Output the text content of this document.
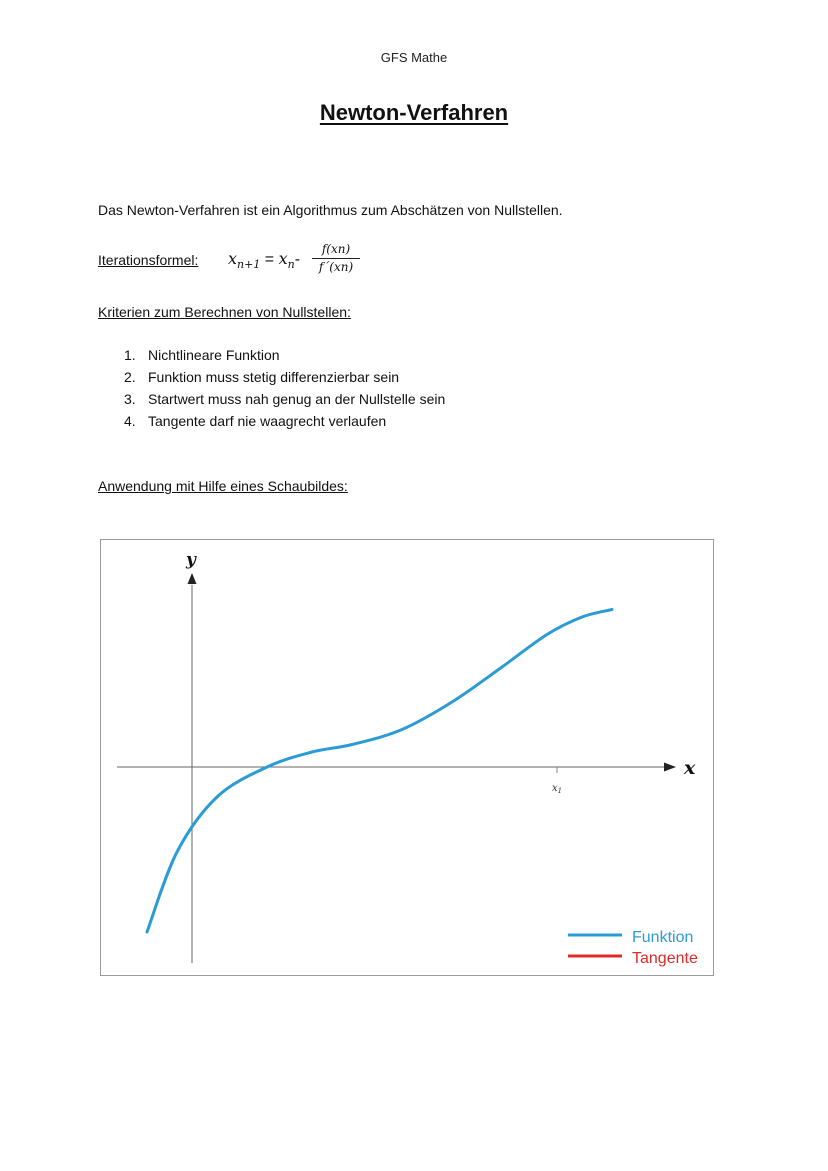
GFS Mathe
Newton-Verfahren
Das Newton-Verfahren ist ein Algorithmus zum Abschätzen von Nullstellen.
Iterationsformel: $x_{n+1} = x_n- \frac{f(xn)}{f´(xn)}$
Kriterien zum Berechnen von Nullstellen:
1. Nichtlineare Funktion
2. Funktion muss stetig differenzierbar sein
3. Startwert muss nah genug an der Nullstelle sein
4. Tangente darf nie waagrecht verlaufen
Anwendung mit Hilfe eines Schaubildes:
x
y
$x_1$
Funktion
Tangente
